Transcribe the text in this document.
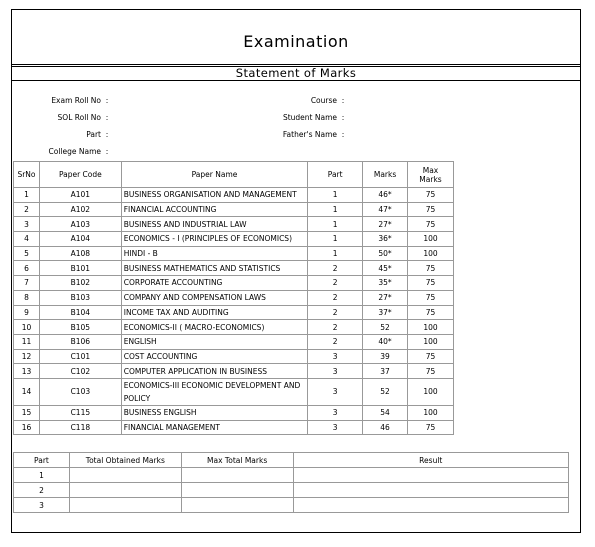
Examination
Statement of Marks
Exam Roll No  :
SOL Roll No  :
Part  :
College Name  :
Course  :
Student Name  :
Father's Name  :
SrNo	Paper Code	Paper Name	Part	Marks	Max Marks
1	A101	BUSINESS ORGANISATION AND MANAGEMENT	1	46*	75
2	A102	FINANCIAL ACCOUNTING	1	47*	75
3	A103	BUSINESS AND INDUSTRIAL LAW	1	27*	75
4	A104	ECONOMICS - I (PRINCIPLES OF ECONOMICS)	1	36*	100
5	A108	HINDI - B	1	50*	100
6	B101	BUSINESS MATHEMATICS AND STATISTICS	2	45*	75
7	B102	CORPORATE ACCOUNTING	2	35*	75
8	B103	COMPANY AND COMPENSATION LAWS	2	27*	75
9	B104	INCOME TAX AND AUDITING	2	37*	75
10	B105	ECONOMICS-II ( MACRO-ECONOMICS)	2	52	100
11	B106	ENGLISH	2	40*	100
12	C101	COST ACCOUNTING	3	39	75
13	C102	COMPUTER APPLICATION IN BUSINESS	3	37	75
14	C103	ECONOMICS-III ECONOMIC DEVELOPMENT AND POLICY	3	52	100
15	C115	BUSINESS ENGLISH	3	54	100
16	C118	FINANCIAL MANAGEMENT	3	46	75
Part	Total Obtained Marks	Max Total Marks	Result
1			
2			
3			
